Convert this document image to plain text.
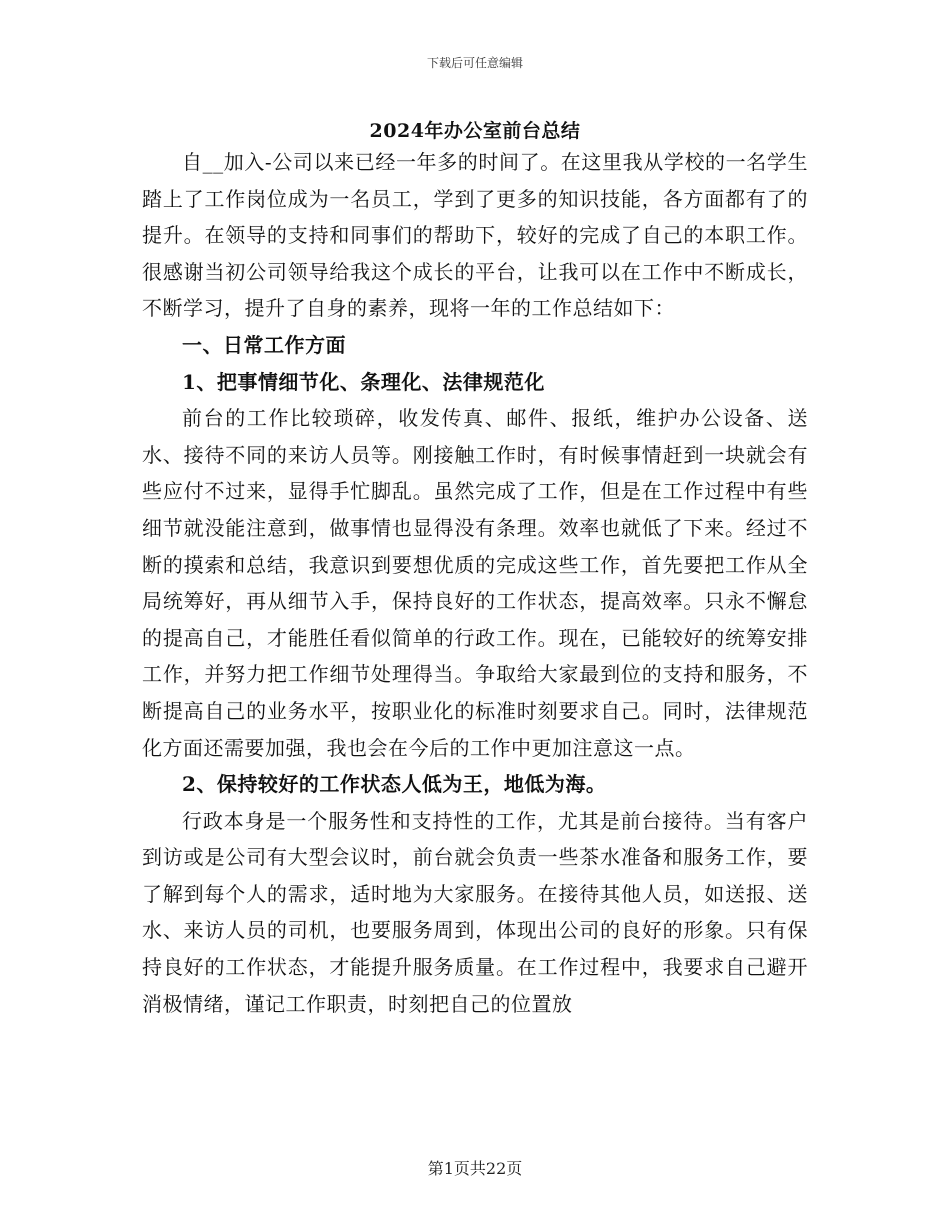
下载后可任意编辑
2024年办公室前台总结

自__加入-公司以来已经一年多的时间了。在这里我从学校的一名学生踏上了工作岗位成为一名员工，学到了更多的知识技能，各方面都有了的提升。在领导的支持和同事们的帮助下，较好的完成了自己的本职工作。很感谢当初公司领导给我这个成长的平台，让我可以在工作中不断成长，不断学习，提升了自身的素养，现将一年的工作总结如下：

一、日常工作方面
1、把事情细节化、条理化、法律规范化

前台的工作比较琐碎，收发传真、邮件、报纸，维护办公设备、送水、接待不同的来访人员等。刚接触工作时，有时候事情赶到一块就会有些应付不过来，显得手忙脚乱。虽然完成了工作，但是在工作过程中有些细节就没能注意到，做事情也显得没有条理。效率也就低了下来。经过不断的摸索和总结，我意识到要想优质的完成这些工作，首先要把工作从全局统筹好，再从细节入手，保持良好的工作状态，提高效率。只永不懈怠的提高自己，才能胜任看似简单的行政工作。现在，已能较好的统筹安排工作，并努力把工作细节处理得当。争取给大家最到位的支持和服务，不断提高自己的业务水平，按职业化的标准时刻要求自己。同时，法律规范化方面还需要加强，我也会在今后的工作中更加注意这一点。

2、保持较好的工作状态人低为王，地低为海。

行政本身是一个服务性和支持性的工作，尤其是前台接待。当有客户到访或是公司有大型会议时，前台就会负责一些茶水准备和服务工作，要了解到每个人的需求，适时地为大家服务。在接待其他人员，如送报、送水、来访人员的司机，也要服务周到，体现出公司的良好的形象。只有保持良好的工作状态，才能提升服务质量。在工作过程中，我要求自己避开消极情绪，谨记工作职责，时刻把自己的位置放

第1页共22页
